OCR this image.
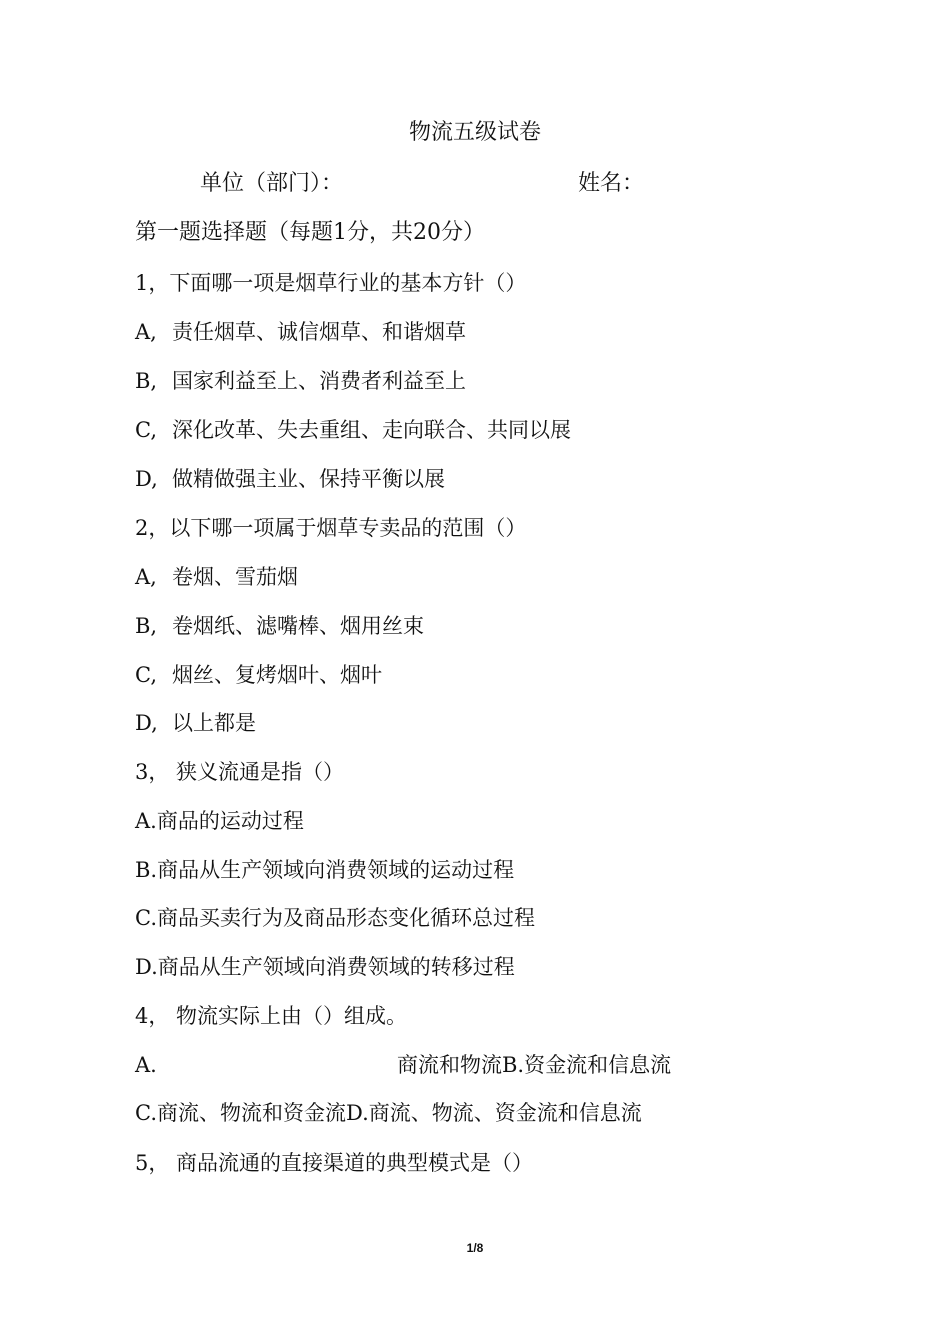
物流五级试卷
单位（部门）：	姓名：
第一题选择题（每题1分，共20分）
1，下面哪一项是烟草行业的基本方针（）
A, 责任烟草、诚信烟草、和谐烟草
B, 国家利益至上、消费者利益至上
C, 深化改革、失去重组、走向联合、共同以展
D, 做精做强主业、保持平衡以展
2，以下哪一项属于烟草专卖品的范围（）
A, 卷烟、雪茄烟
B, 卷烟纸、滤嘴棒、烟用丝束
C, 烟丝、复烤烟叶、烟叶
D, 以上都是
3， 狭义流通是指（）
A.商品的运动过程
B.商品从生产领域向消费领域的运动过程
C.商品买卖行为及商品形态变化循环总过程
D.商品从生产领域向消费领域的转移过程
4， 物流实际上由（）组成。
A.	商流和物流B.资金流和信息流
C.商流、物流和资金流D.商流、物流、资金流和信息流
5， 商品流通的直接渠道的典型模式是（）
1/8
